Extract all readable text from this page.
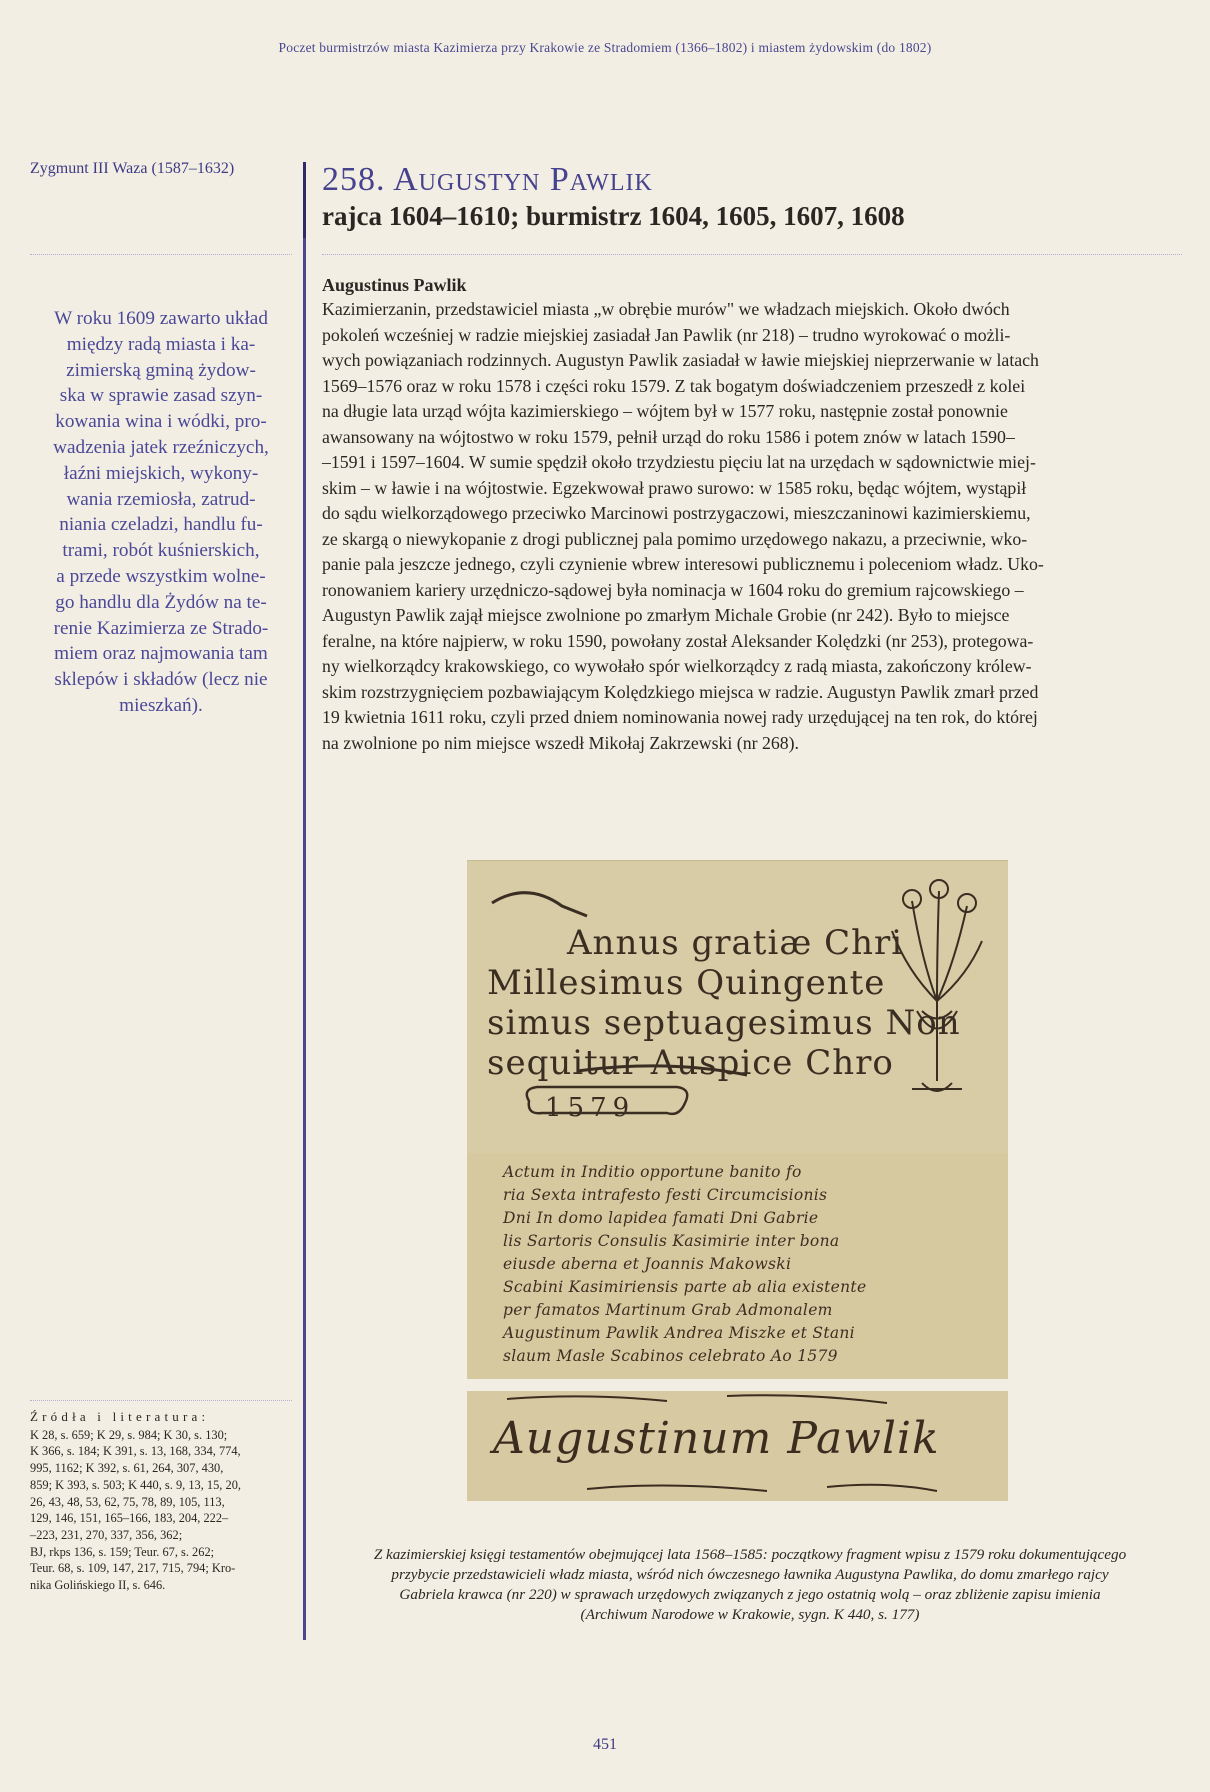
Poczet burmistrzów miasta Kazimierza przy Krakowie ze Stradomiem (1366–1802) i miastem żydowskim (do 1802)
Zygmunt III Waza (1587–1632)
W roku 1609 zawarto układ
między radą miasta i ka-
zimierską gminą żydow-
ska w sprawie zasad szyn-
kowania wina i wódki, pro-
wadzenia jatek rzeźniczych,
łaźni miejskich, wykony-
wania rzemiosła, zatrud-
niania czeladzi, handlu fu-
trami, robót kuśnierskich,
a przede wszystkim wolne-
go handlu dla Żydów na te-
renie Kazimierza ze Strado-
miem oraz najmowania tam
sklepów i składów (lecz nie
mieszkań).
Źródła i literatura:
K 28, s. 659; K 29, s. 984; K 30, s. 130;
K 366, s. 184; K 391, s. 13, 168, 334, 774,
995, 1162; K 392, s. 61, 264, 307, 430,
859; K 393, s. 503; K 440, s. 9, 13, 15, 20,
26, 43, 48, 53, 62, 75, 78, 89, 105, 113,
129, 146, 151, 165–166, 183, 204, 222–
–223, 231, 270, 337, 356, 362;
BJ, rkps 136, s. 159; Teur. 67, s. 262;
Teur. 68, s. 109, 147, 217, 715, 794; Kro-
nika Golińskiego II, s. 646.
258. Augustyn Pawlik
rajca 1604–1610; burmistrz 1604, 1605, 1607, 1608
Augustinus Pawlik
Kazimierzanin, przedstawiciel miasta „w obrębie murów" we władzach miejskich. Około dwóch
pokoleń wcześniej w radzie miejskiej zasiadał Jan Pawlik (nr 218) – trudno wyrokować o możli-
wych powiązaniach rodzinnych. Augustyn Pawlik zasiadał w ławie miejskiej nieprzerwanie w latach
1569–1576 oraz w roku 1578 i części roku 1579. Z tak bogatym doświadczeniem przeszedł z kolei
na długie lata urząd wójta kazimierskiego – wójtem był w 1577 roku, następnie został ponownie
awansowany na wójtostwo w roku 1579, pełnił urząd do roku 1586 i potem znów w latach 1590–
–1591 i 1597–1604. W sumie spędził około trzydziestu pięciu lat na urzędach w sądownictwie miej-
skim – w ławie i na wójtostwie. Egzekwował prawo surowo: w 1585 roku, będąc wójtem, wystąpił
do sądu wielkorządowego przeciwko Marcinowi postrzygaczowi, mieszczaninowi kazimierskiemu,
ze skargą o niewykopanie z drogi publicznej pala pomimo urzędowego nakazu, a przeciwnie, wko-
panie pala jeszcze jednego, czyli czynienie wbrew interesowi publicznemu i poleceniom władz. Uko-
ronowaniem kariery urzędniczo-sądowej była nominacja w 1604 roku do gremium rajcowskiego –
Augustyn Pawlik zajął miejsce zwolnione po zmarłym Michale Grobie (nr 242). Było to miejsce
feralne, na które najpierw, w roku 1590, powołany został Aleksander Kolędzki (nr 253), protegowa-
ny wielkorządcy krakowskiego, co wywołało spór wielkorządcy z radą miasta, zakończony królew-
skim rozstrzygnięciem pozbawiającym Kolędzkiego miejsca w radzie. Augustyn Pawlik zmarł przed
19 kwietnia 1611 roku, czyli przed dniem nominowania nowej rady urzędującej na ten rok, do której
na zwolnione po nim miejsce wszedł Mikołaj Zakrzewski (nr 268).
Annus gratiæ Chri
Millesimus Quingente
simus septuagesimus Non
sequitur Auspice Chro
1579
Actum in Inditio opportune banito fo
ria Sexta intrafesto festi Circumcisionis
Dni In domo lapidea famati Dni Gabrie
lis Sartoris Consulis Kasimirie inter bona
eiusde aberna et Joannis Makowski
Scabini Kasimiriensis parte ab alia existente
per famatos Martinum Grab Admonalem
Augustinum Pawlik Andrea Miszke et Stani
slaum Masle Scabinos celebrato Ao 1579
Augustinum Pawlik
Z kazimierskiej księgi testamentów obejmującej lata 1568–1585: początkowy fragment wpisu z 1579 roku dokumentującego
przybycie przedstawicieli władz miasta, wśród nich ówczesnego ławnika Augustyna Pawlika, do domu zmarłego rajcy
Gabriela krawca (nr 220) w sprawach urzędowych związanych z jego ostatnią wolą – oraz zbliżenie zapisu imienia
(Archiwum Narodowe w Krakowie, sygn. K 440, s. 177)
451
